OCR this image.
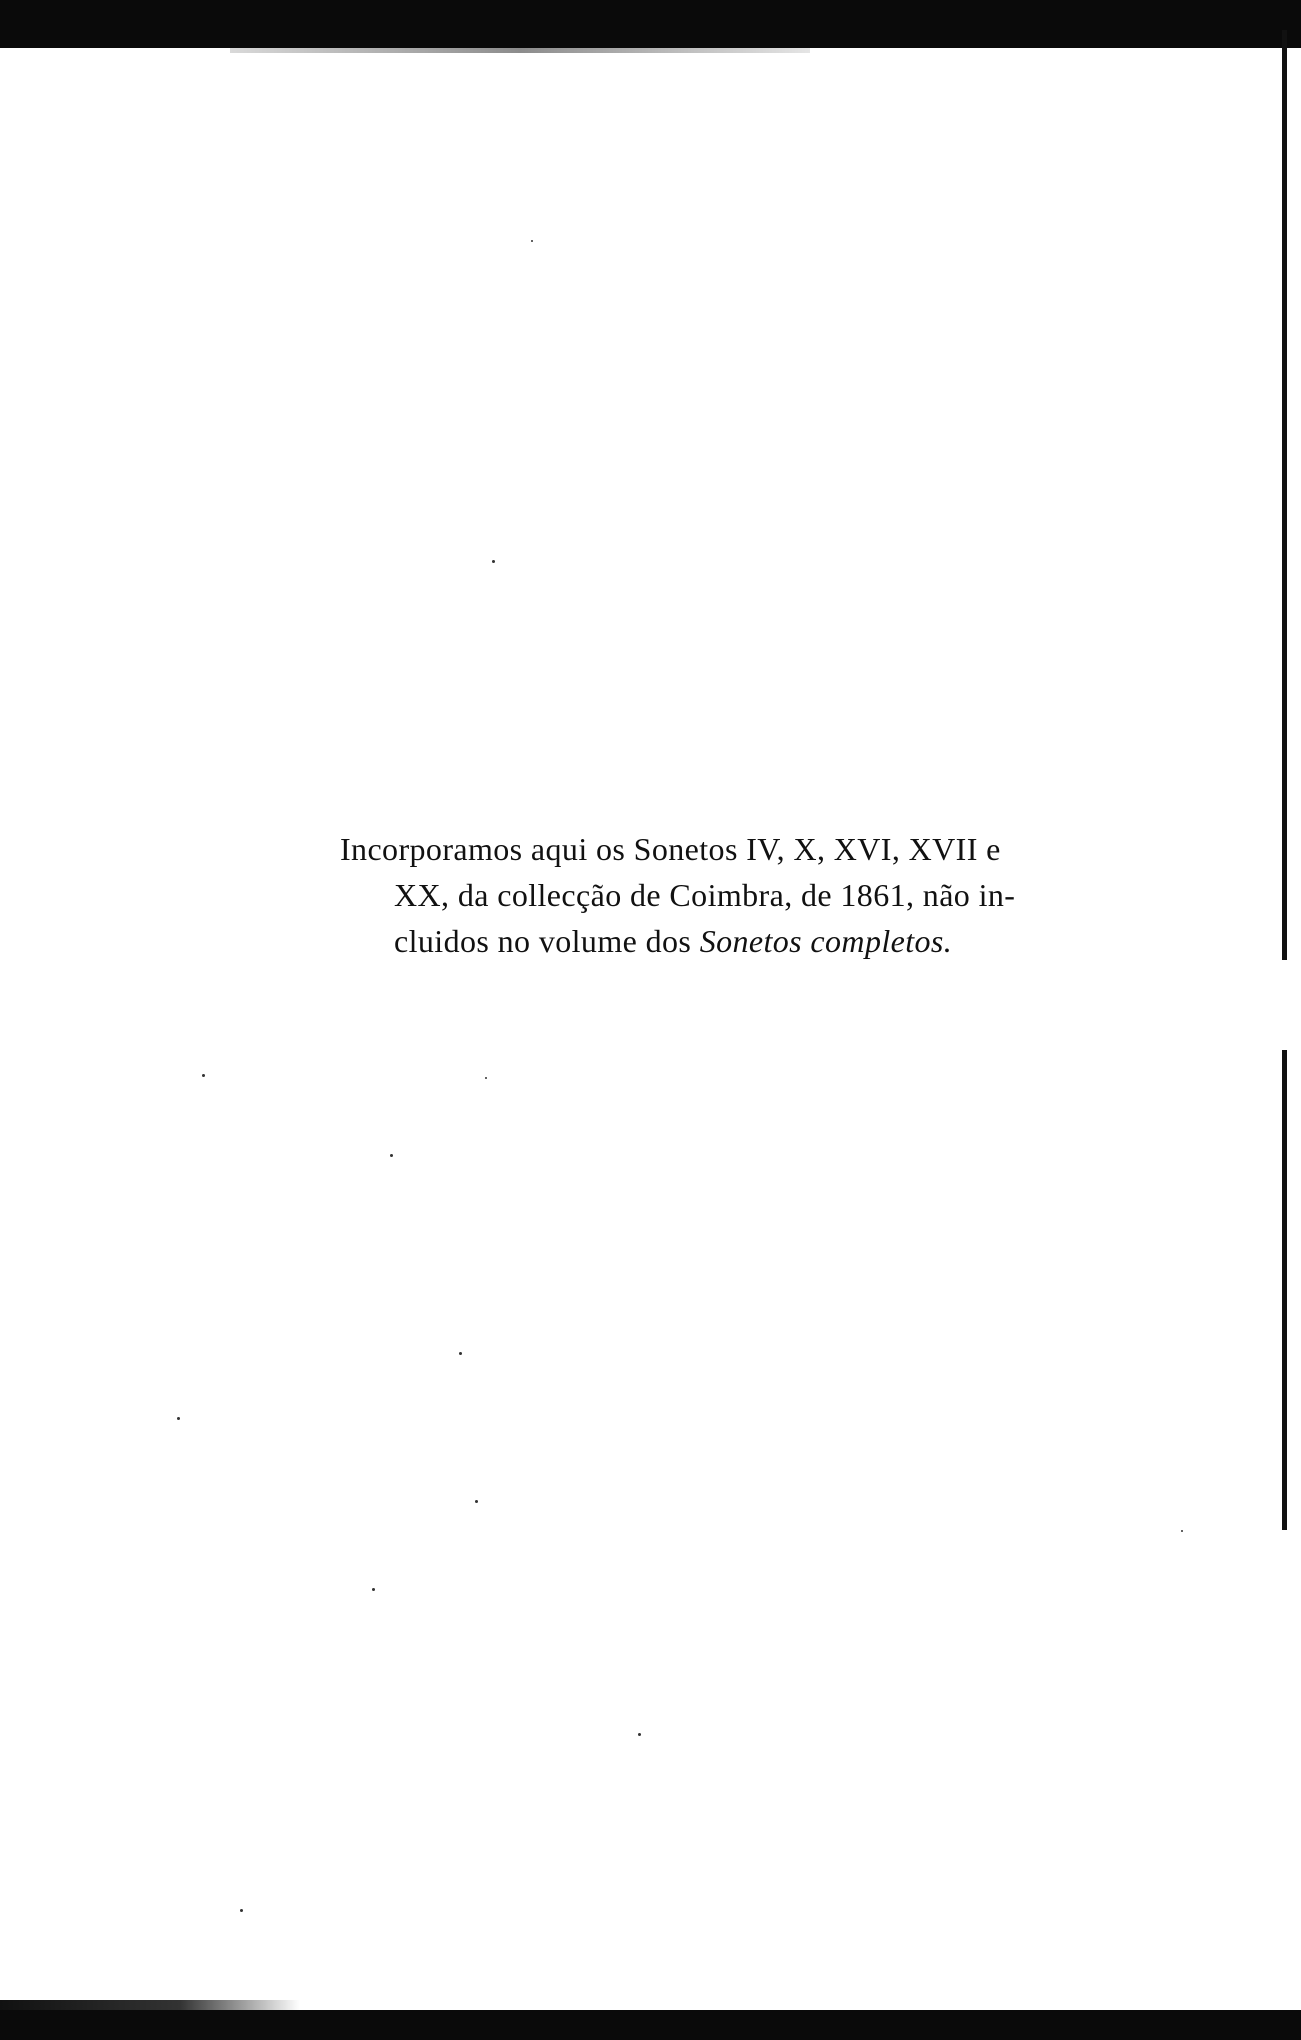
Incorporamos aqui os Sonetos IV, X, XVI, XVII e
XX, da collecção de Coimbra, de 1861, não in-
cluidos no volume dos Sonetos completos.
